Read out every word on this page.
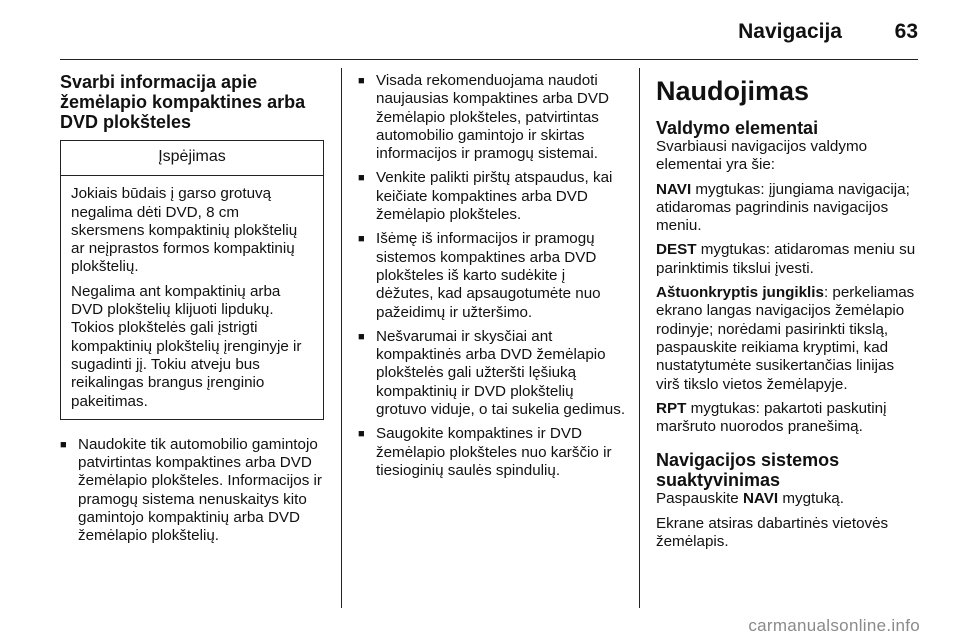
Navigacija	63
Svarbi informacija apie
žemėlapio kompaktines arba
DVD plokšteles
Įspėjimas

Jokiais būdais į garso grotuvą negalima dėti DVD, 8 cm skersmens kompaktinių plokštelių ar neįprastos formos kompaktinių plokštelių.

Negalima ant kompaktinių arba DVD plokštelių klijuoti lipdukų. Tokios plokštelės gali įstrigti kompaktinių plokštelių įrenginyje ir sugadinti jį. Tokiu atveju bus reikalingas brangus įrenginio pakeitimas.

■ Naudokite tik automobilio gamintojo patvirtintas kompaktines arba DVD žemėlapio plokšteles. Informacijos ir pramogų sistema nenuskaitys kito gamintojo kompaktinių arba DVD žemėlapio plokštelių.
■ Visada rekomenduojama naudoti naujausias kompaktines arba DVD žemėlapio plokšteles, patvirtintas automobilio gamintojo ir skirtas informacijos ir pramogų sistemai.
■ Venkite palikti pirštų atspaudus, kai keičiate kompaktines arba DVD žemėlapio plokšteles.
■ Išėmę iš informacijos ir pramogų sistemos kompaktines arba DVD plokšteles iš karto sudėkite į dėžutes, kad apsaugotumėte nuo pažeidimų ir užteršimo.
■ Nešvarumai ir skysčiai ant kompaktinės arba DVD žemėlapio plokštelės gali užteršti lęšiuką kompaktinių ir DVD plokštelių grotuvo viduje, o tai sukelia gedimus.
■ Saugokite kompaktines ir DVD žemėlapio plokšteles nuo karščio ir tiesioginių saulės spindulių.
Naudojimas
Valdymo elementai

Svarbiausi navigacijos valdymo elementai yra šie:

NAVI mygtukas: įjungiama navigacija; atidaromas pagrindinis navigacijos meniu.

DEST mygtukas: atidaromas meniu su parinktimis tikslui įvesti.

Aštuonkryptis jungiklis: perkeliamas ekrano langas navigacijos žemėlapio rodinyje; norėdami pasirinkti tikslą, paspauskite reikiama kryptimi, kad nustatytumėte susikertančias linijas virš tikslo vietos žemėlapyje.

RPT mygtukas: pakartoti paskutinį maršruto nuorodos pranešimą.

Navigacijos sistemos suaktyvinimas

Paspauskite NAVI mygtuką.

Ekrane atsiras dabartinės vietovės žemėlapis.

carmanualsonline.info
